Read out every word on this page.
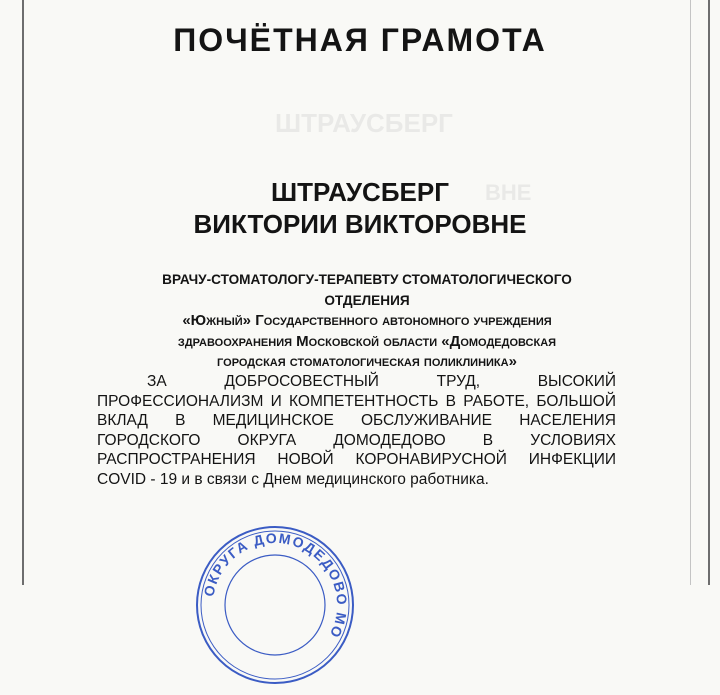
ШТРАУСБЕРГ
ВНЕ
ПОЧЁТНАЯ ГРАМОТА
ШТРАУСБЕРГ
ВИКТОРИИ ВИКТОРОВНЕ
ВРАЧУ-СТОМАТОЛОГУ-ТЕРАПЕВТУ СТОМАТОЛОГИЧЕСКОГО ОТДЕЛЕНИЯ
«Южный» Государственного автономного учреждения
здравоохранения Московской области «Домодедовская
городская стоматологическая поликлиника»
ЗА ДОБРОСОВЕСТНЫЙ ТРУД, ВЫСОКИЙ ПРОФЕССИОНАЛИЗМ И КОМПЕТЕНТНОСТЬ В РАБОТЕ, БОЛЬШОЙ ВКЛАД В МЕДИЦИНСКОЕ ОБСЛУЖИВАНИЕ НАСЕЛЕНИЯ ГОРОДСКОГО ОКРУГА ДОМОДЕДОВО В УСЛОВИЯХ РАСПРОСТРАНЕНИЯ НОВОЙ КОРОНАВИРУСНОЙ ИНФЕКЦИИ COVID - 19 и в связи с Днем медицинского работника.
ОКРУГА ДОМОДЕДОВО МО
